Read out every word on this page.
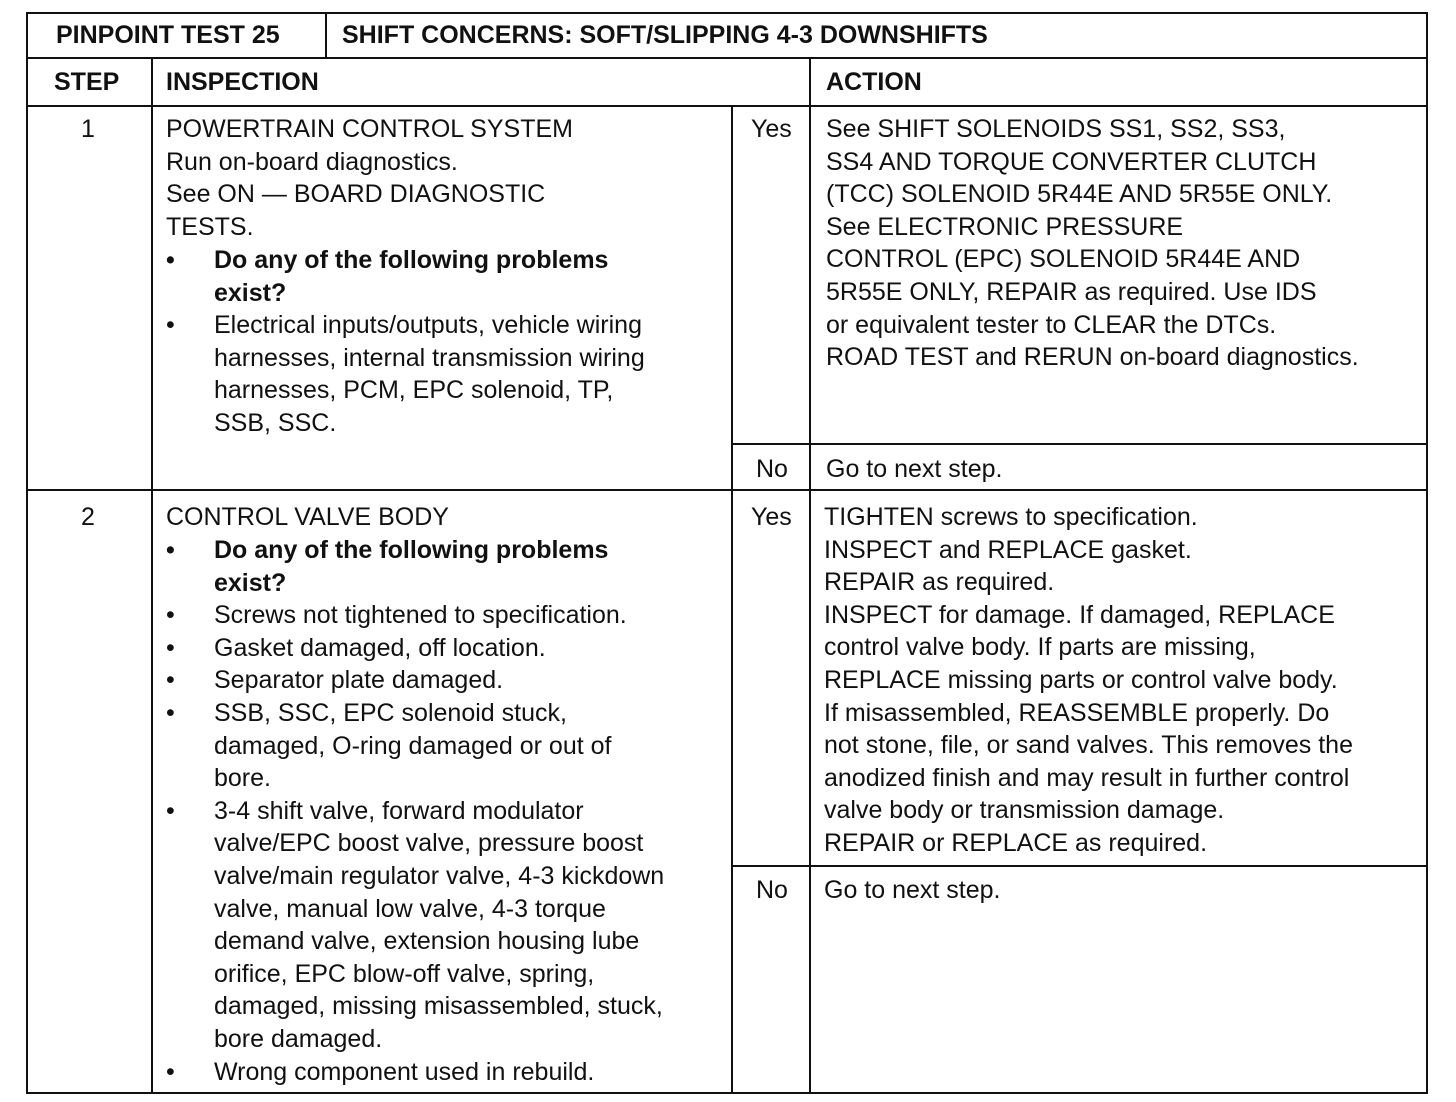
PINPOINT TEST 25 SHIFT CONCERNS: SOFT/SLIPPING 4-3 DOWNSHIFTS
STEP INSPECTION	ACTION
1	POWERTRAIN CONTROL SYSTEM
Run on-board diagnostics.
See ON — BOARD DIAGNOSTIC
TESTS.
•	Do any of the following problems
exist?
•	Electrical inputs/outputs, vehicle wiring
harnesses, internal transmission wiring
harnesses, PCM, EPC solenoid, TP,
SSB, SSC.
Yes See SHIFT SOLENOIDS SS1, SS2, SS3,
SS4 AND TORQUE CONVERTER CLUTCH
(TCC) SOLENOID 5R44E AND 5R55E ONLY.
See ELECTRONIC PRESSURE
CONTROL (EPC) SOLENOID 5R44E AND
5R55E ONLY, REPAIR as required. Use IDS
or equivalent tester to CLEAR the DTCs.
ROAD TEST and RERUN on-board diagnostics.
No Go to next step.
2	CONTROL VALVE BODY
•	Do any of the following problems
exist?
•	Screws not tightened to specification.
•	Gasket damaged, off location.
•	Separator plate damaged.
•	SSB, SSC, EPC solenoid stuck,
damaged, O-ring damaged or out of
bore.
•	3-4 shift valve, forward modulator
valve/EPC boost valve, pressure boost
valve/main regulator valve, 4-3 kickdown
valve, manual low valve, 4-3 torque
demand valve, extension housing lube
orifice, EPC blow-off valve, spring,
damaged, missing misassembled, stuck,
bore damaged.
•	Wrong component used in rebuild.
Yes TIGHTEN screws to specification.
INSPECT and REPLACE gasket.
REPAIR as required.
INSPECT for damage. If damaged, REPLACE
control valve body. If parts are missing,
REPLACE missing parts or control valve body.
If misassembled, REASSEMBLE properly. Do
not stone, file, or sand valves. This removes the
anodized finish and may result in further control
valve body or transmission damage.
REPAIR or REPLACE as required.
No Go to next step.
